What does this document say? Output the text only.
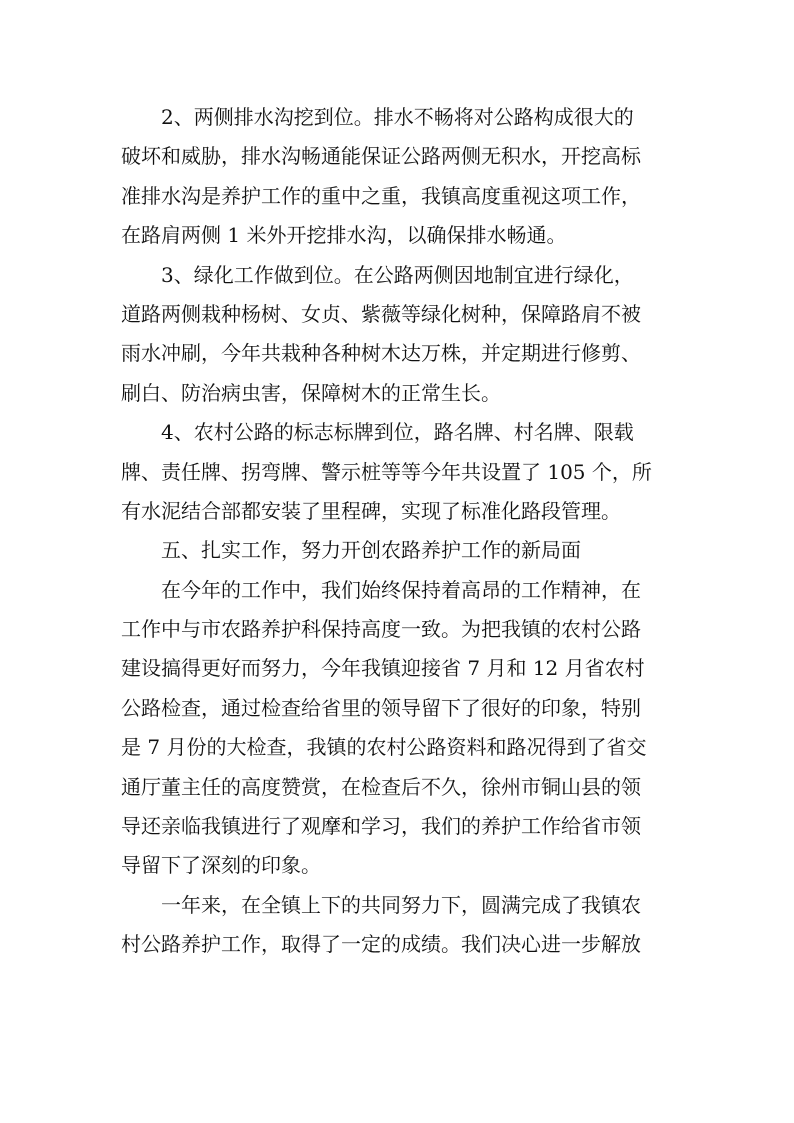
2、两侧排水沟挖到位。排水不畅将对公路构成很大的
破坏和威胁，排水沟畅通能保证公路两侧无积水，开挖高标
准排水沟是养护工作的重中之重，我镇高度重视这项工作，
在路肩两侧 1 米外开挖排水沟，以确保排水畅通。
3、绿化工作做到位。在公路两侧因地制宜进行绿化，
道路两侧栽种杨树、女贞、紫薇等绿化树种，保障路肩不被
雨水冲刷，今年共栽种各种树木达万株，并定期进行修剪、
刷白、防治病虫害，保障树木的正常生长。
4、农村公路的标志标牌到位，路名牌、村名牌、限载
牌、责任牌、拐弯牌、警示桩等等今年共设置了 105 个，所
有水泥结合部都安装了里程碑，实现了标准化路段管理。
五、扎实工作，努力开创农路养护工作的新局面
在今年的工作中，我们始终保持着高昂的工作精神，在
工作中与市农路养护科保持高度一致。为把我镇的农村公路
建设搞得更好而努力，今年我镇迎接省 7 月和 12 月省农村
公路检查，通过检查给省里的领导留下了很好的印象，特别
是 7 月份的大检查，我镇的农村公路资料和路况得到了省交
通厅董主任的高度赞赏，在检查后不久，徐州市铜山县的领
导还亲临我镇进行了观摩和学习，我们的养护工作给省市领
导留下了深刻的印象。
一年来，在全镇上下的共同努力下，圆满完成了我镇农
村公路养护工作，取得了一定的成绩。我们决心进一步解放
